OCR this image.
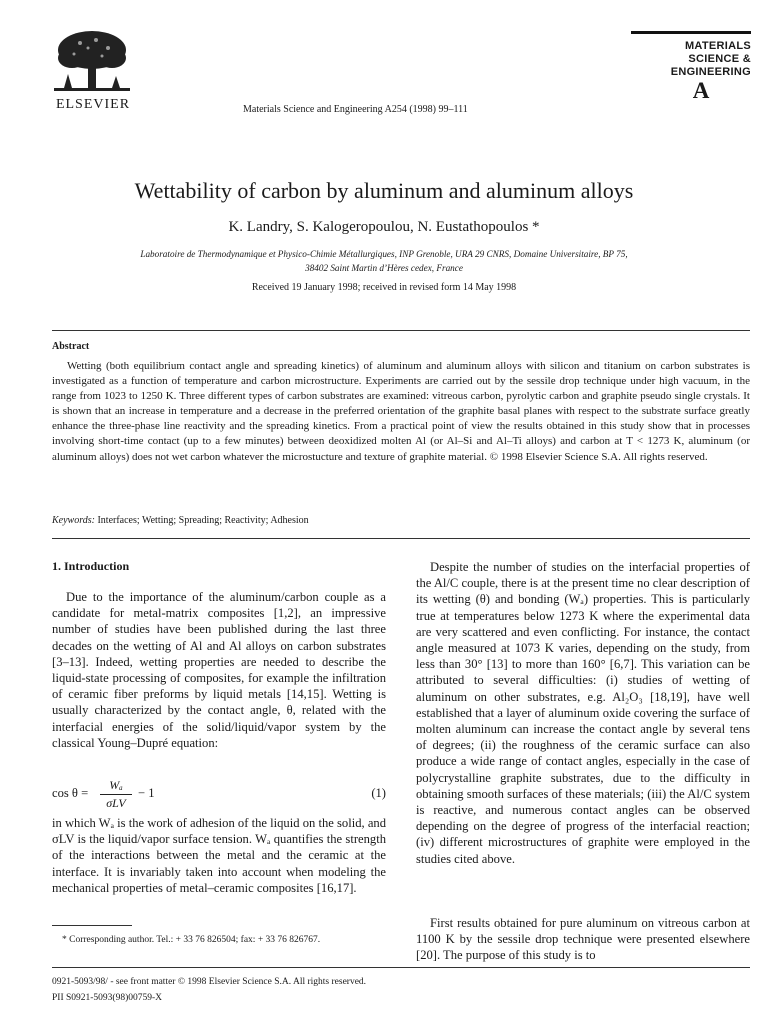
ELSEVIER	Materials Science and Engineering A254 (1998) 99–111
MATERIALS
SCIENCE &
ENGINEERING
A
Wettability of carbon by aluminum and aluminum alloys
K. Landry, S. Kalogeropoulou, N. Eustathopoulos *
Laboratoire de Thermodynamique et Physico-Chimie Métallurgiques, INP Grenoble, URA 29 CNRS, Domaine Universitaire, BP 75,
38402 Saint Martin d’Hères cedex, France
Received 19 January 1998; received in revised form 14 May 1998
Abstract
Wetting (both equilibrium contact angle and spreading kinetics) of aluminum and aluminum alloys with silicon and titanium on carbon substrates is investigated as a function of temperature and carbon microstructure. Experiments are carried out by the sessile drop technique under high vacuum, in the range from 1023 to 1250 K. Three different types of carbon substrates are examined: vitreous carbon, pyrolytic carbon and graphite pseudo single crystals. It is shown that an increase in temperature and a decrease in the preferred orientation of the graphite basal planes with respect to the substrate surface greatly enhance the three-phase line reactivity and the spreading kinetics. From a practical point of view the results obtained in this study show that in processes involving short-time contact (up to a few minutes) between deoxidized molten Al (or Al–Si and Al–Ti alloys) and carbon at T < 1273 K, aluminum (or aluminum alloys) does not wet carbon whatever the microstucture and texture of graphite material. © 1998 Elsevier Science S.A. All rights reserved.
Keywords: Interfaces; Wetting; Spreading; Reactivity; Adhesion
1. Introduction
Due to the importance of the aluminum/carbon couple as a candidate for metal-matrix composites [1,2], an impressive number of studies have been published during the last three decades on the wetting of Al and Al alloys on carbon substrates [3–13]. Indeed, wetting properties are needed to describe the liquid-state processing of composites, for example the infiltration of ceramic fiber preforms by liquid metals [14,15]. Wetting is usually characterized by the contact angle, θ, related with the interfacial energies of the solid/liquid/vapor system by the classical Young–Dupré equation:
cos θ =
Wₐ
σLV
− 1	(1)
in which Wₐ is the work of adhesion of the liquid on the solid, and σLV is the liquid/vapor surface tension. Wₐ quantifies the strength of the interactions between the metal and the ceramic at the interface. It is invariably taken into account when modeling the mechanical properties of metal–ceramic composites [16,17].
* Corresponding author. Tel.: + 33 76 826504; fax: + 33 76 826767.
Despite the number of studies on the interfacial properties of the Al/C couple, there is at the present time no clear description of its wetting (θ) and bonding (Wₐ) properties. This is particularly true at temperatures below 1273 K where the experimental data are very scattered and even conflicting. For instance, the contact angle measured at 1073 K varies, depending on the study, from less than 30° [13] to more than 160° [6,7]. This variation can be attributed to several difficulties: (i) studies of wetting of aluminum on other substrates, e.g. Al₂O₃ [18,19], have well established that a layer of aluminum oxide covering the surface of molten aluminum can increase the contact angle by several tens of degrees; (ii) the roughness of the ceramic surface can also produce a wide range of contact angles, especially in the case of polycrystalline graphite substrates, due to the difficulty in obtaining smooth surfaces of these materials; (iii) the Al/C system is reactive, and numerous contact angles can be observed depending on the degree of progress of the interfacial reaction; (iv) different microstructures of graphite were employed in the studies cited above.
First results obtained for pure aluminum on vitreous carbon at 1100 K by the sessile drop technique were presented elsewhere [20]. The purpose of this study is to
0921-5093/98/ - see front matter © 1998 Elsevier Science S.A. All rights reserved.
PII S0921-5093(98)00759-X
